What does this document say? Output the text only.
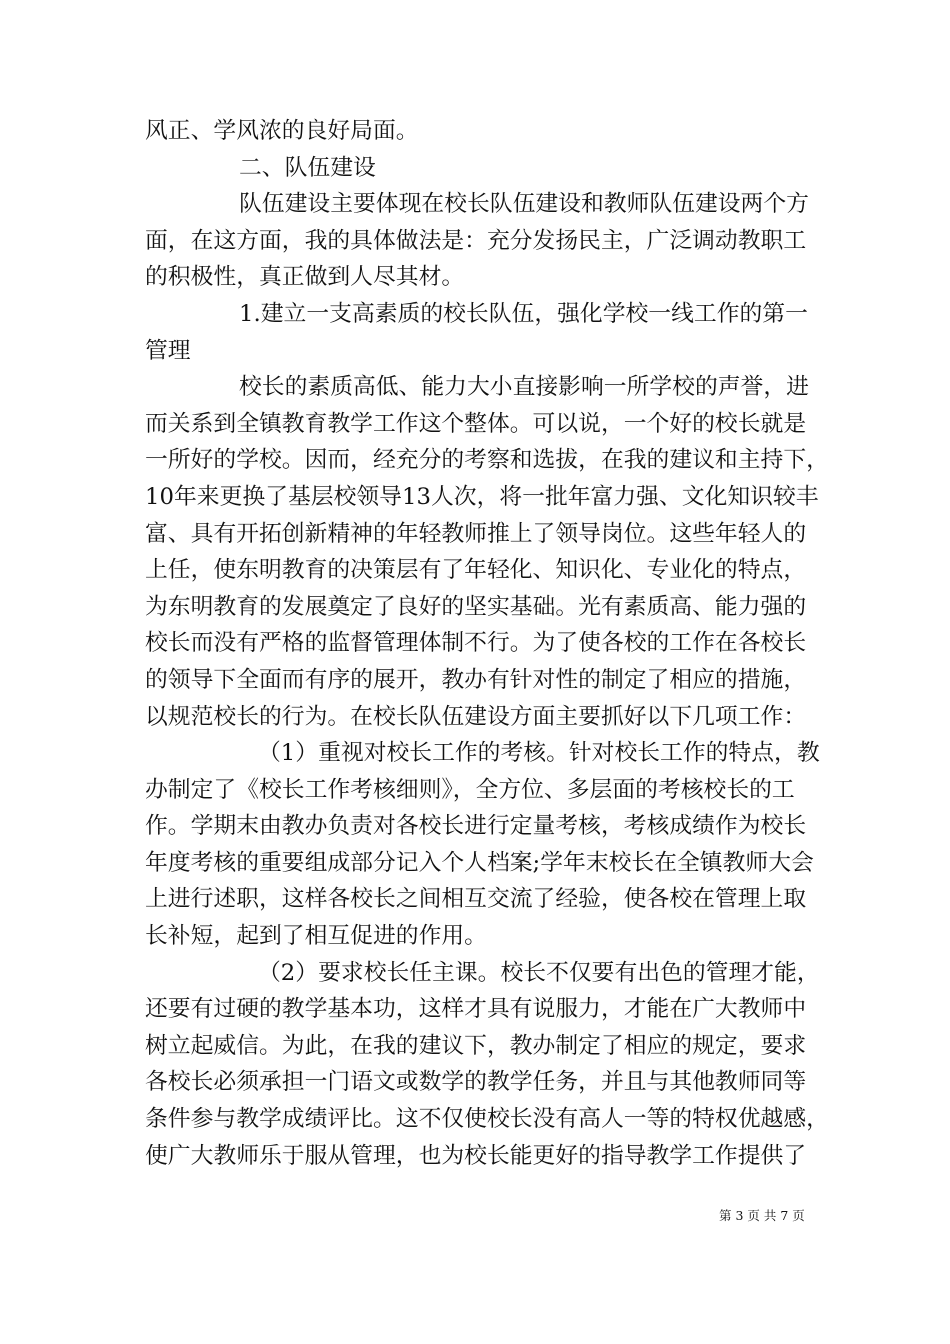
风正、学风浓的良好局面。
二、队伍建设
队伍建设主要体现在校长队伍建设和教师队伍建设两个方
面，在这方面，我的具体做法是：充分发扬民主，广泛调动教职工
的积极性，真正做到人尽其材。
1.建立一支高素质的校长队伍，强化学校一线工作的第一
管理
校长的素质高低、能力大小直接影响一所学校的声誉，进
而关系到全镇教育教学工作这个整体。可以说，一个好的校长就是
一所好的学校。因而，经充分的考察和选拔，在我的建议和主持下，
10年来更换了基层校领导13人次，将一批年富力强、文化知识较丰
富、具有开拓创新精神的年轻教师推上了领导岗位。这些年轻人的
上任，使东明教育的决策层有了年轻化、知识化、专业化的特点，
为东明教育的发展奠定了良好的坚实基础。光有素质高、能力强的
校长而没有严格的监督管理体制不行。为了使各校的工作在各校长
的领导下全面而有序的展开，教办有针对性的制定了相应的措施，
以规范校长的行为。在校长队伍建设方面主要抓好以下几项工作：
（1）重视对校长工作的考核。针对校长工作的特点，教
办制定了《校长工作考核细则》，全方位、多层面的考核校长的工
作。学期末由教办负责对各校长进行定量考核，考核成绩作为校长
年度考核的重要组成部分记入个人档案;学年末校长在全镇教师大会
上进行述职，这样各校长之间相互交流了经验，使各校在管理上取
长补短，起到了相互促进的作用。
（2）要求校长任主课。校长不仅要有出色的管理才能，
还要有过硬的教学基本功，这样才具有说服力，才能在广大教师中
树立起威信。为此，在我的建议下，教办制定了相应的规定，要求
各校长必须承担一门语文或数学的教学任务，并且与其他教师同等
条件参与教学成绩评比。这不仅使校长没有高人一等的特权优越感，
使广大教师乐于服从管理，也为校长能更好的指导教学工作提供了
第 3 页 共 7 页
